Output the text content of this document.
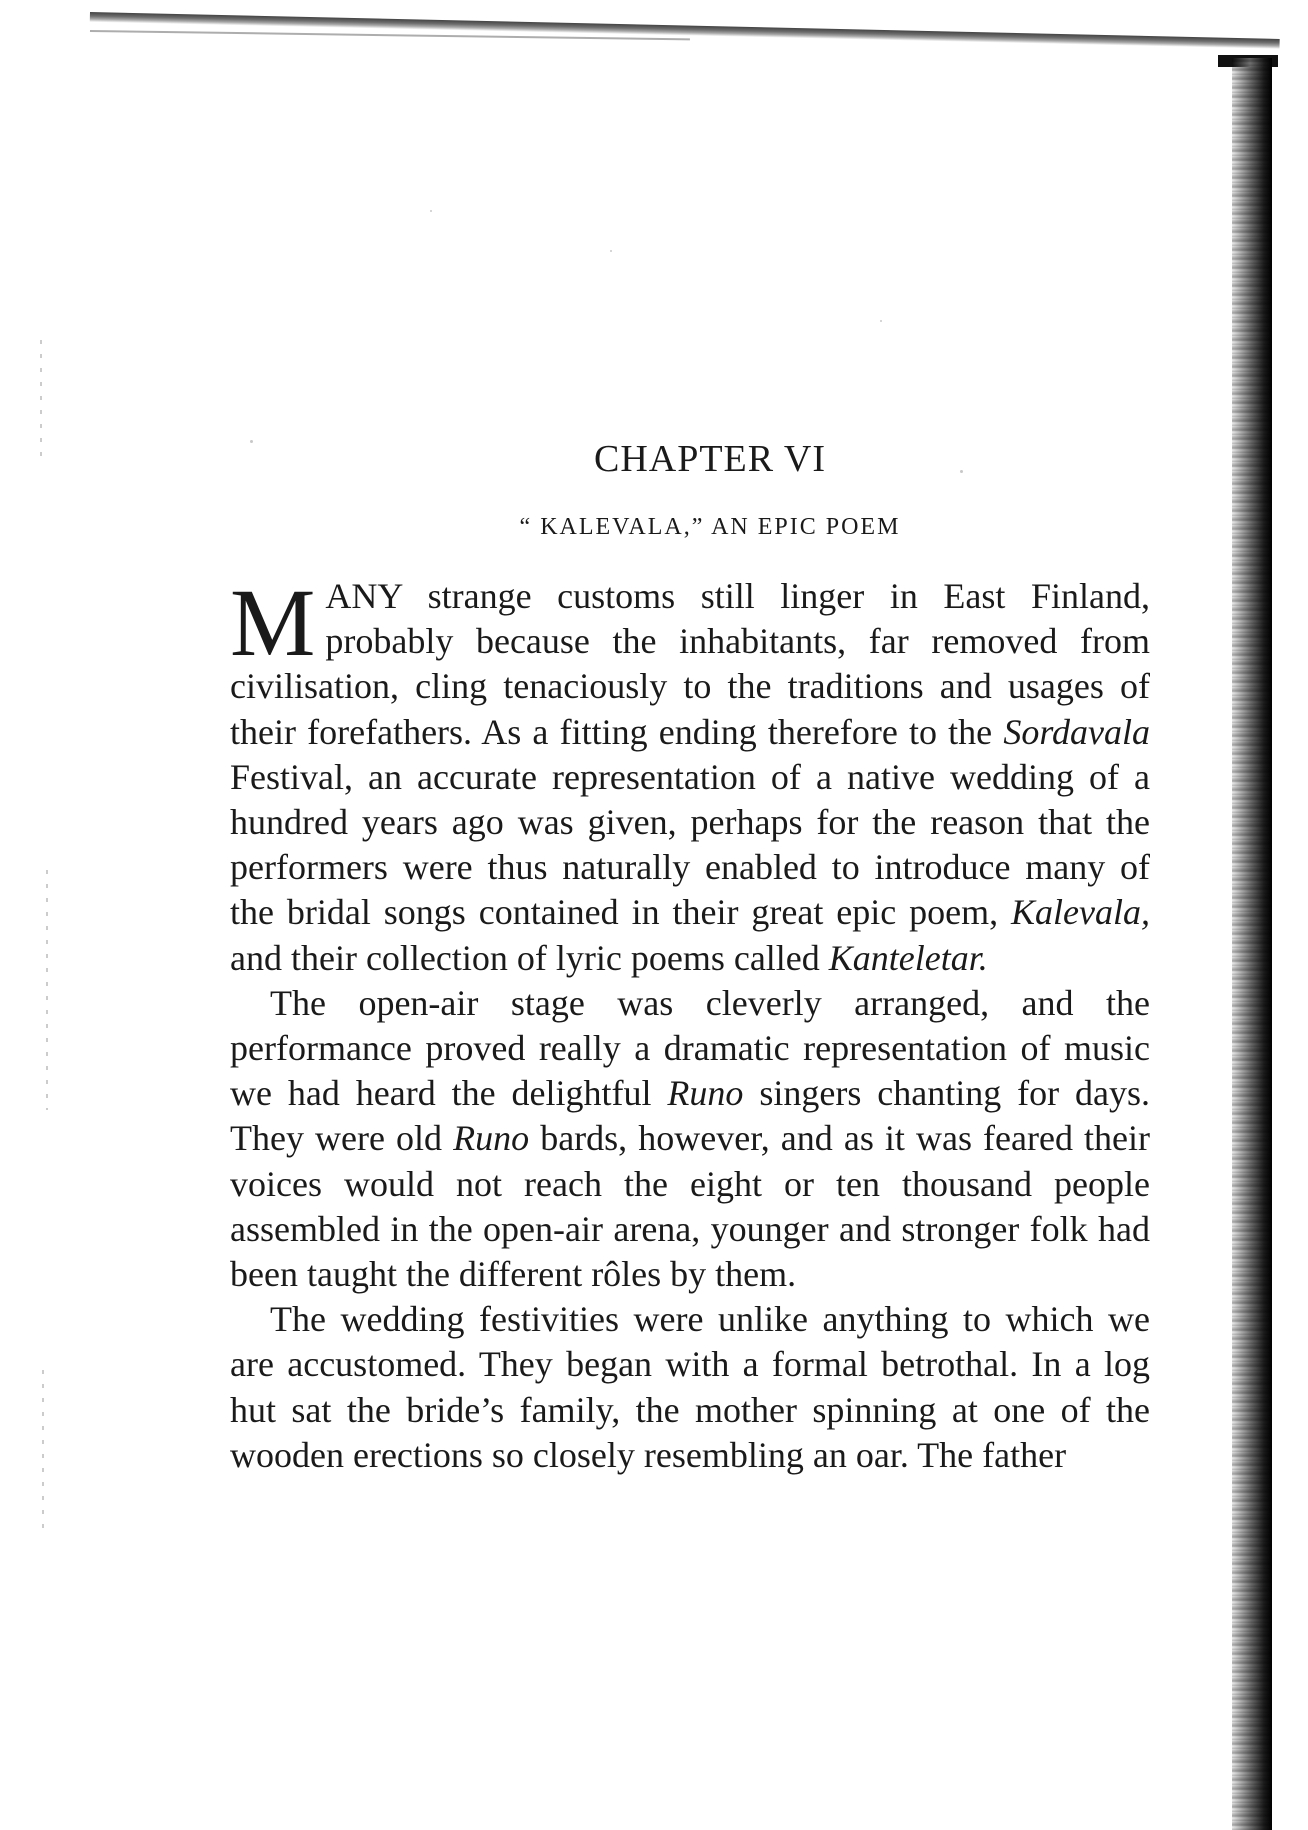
CHAPTER VI
“ KALEVALA,” AN EPIC POEM

MANY strange customs still linger in East Finland, probably because the inhabitants, far removed from civilisation, cling tenaciously to the traditions and usages of their forefathers. As a fitting ending therefore to the Sordavala Festival, an accurate representation of a native wedding of a hundred years ago was given, perhaps for the reason that the performers were thus naturally enabled to introduce many of the bridal songs contained in their great epic poem, Kalevala, and their collection of lyric poems called Kanteletar.

The open-air stage was cleverly arranged, and the performance proved really a dramatic representation of music we had heard the delightful Runo singers chanting for days. They were old Runo bards, however, and as it was feared their voices would not reach the eight or ten thousand people assembled in the open-air arena, younger and stronger folk had been taught the different rôles by them.

The wedding festivities were unlike anything to which we are accustomed. They began with a formal betrothal. In a log hut sat the bride’s family, the mother spinning at one of the wooden erections so closely resembling an oar. The father
